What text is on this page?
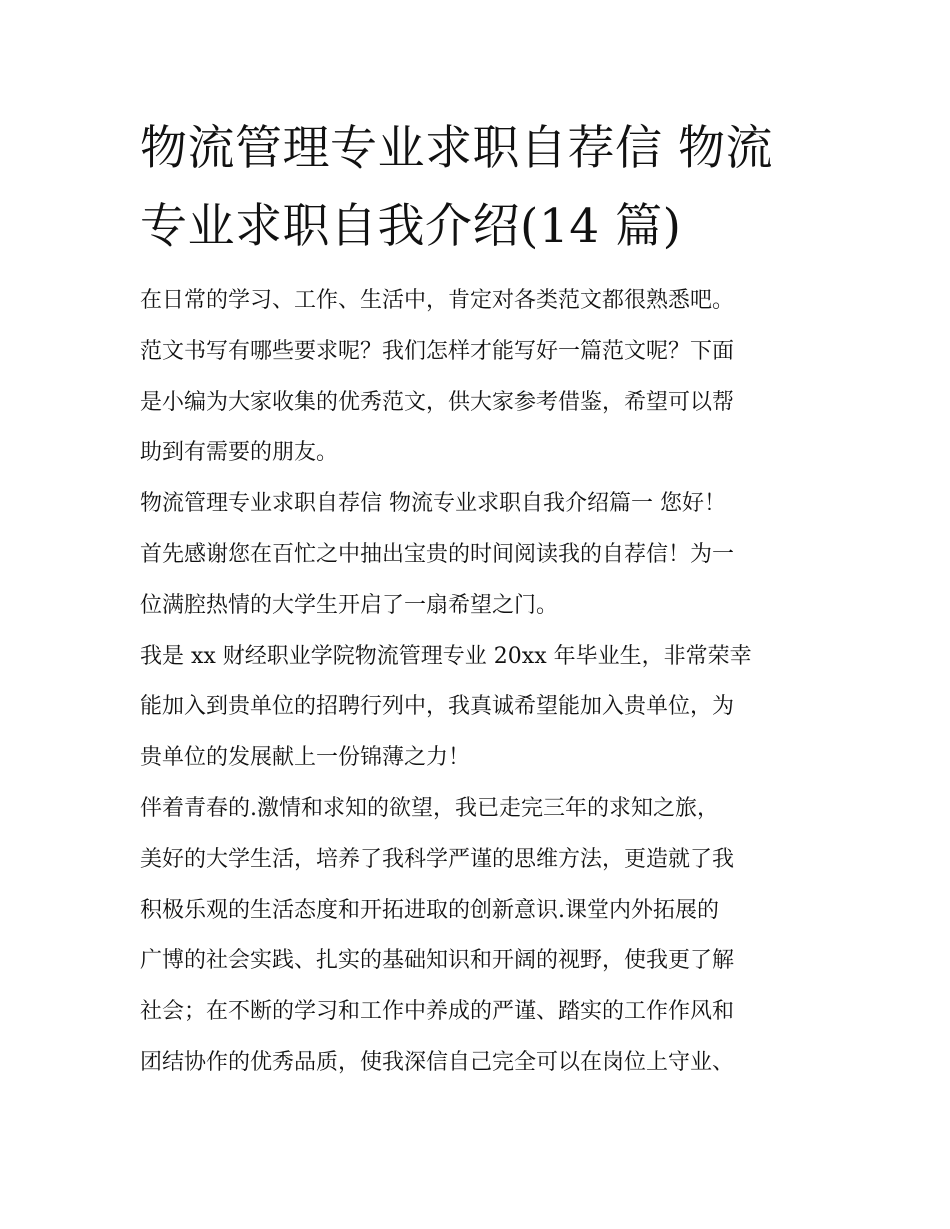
物流管理专业求职自荐信 物流
专业求职自我介绍(14 篇)
在日常的学习、工作、生活中，肯定对各类范文都很熟悉吧。
范文书写有哪些要求呢？我们怎样才能写好一篇范文呢？下面
是小编为大家收集的优秀范文，供大家参考借鉴，希望可以帮
助到有需要的朋友。
物流管理专业求职自荐信 物流专业求职自我介绍篇一 您好！
首先感谢您在百忙之中抽出宝贵的时间阅读我的自荐信！为一
位满腔热情的大学生开启了一扇希望之门。
我是 xx 财经职业学院物流管理专业 20xx 年毕业生，非常荣幸
能加入到贵单位的招聘行列中，我真诚希望能加入贵单位，为
贵单位的发展献上一份锦薄之力！
伴着青春的.激情和求知的欲望，我已走完三年的求知之旅，
美好的大学生活，培养了我科学严谨的思维方法，更造就了我
积极乐观的生活态度和开拓进取的创新意识.课堂内外拓展的
广博的社会实践、扎实的基础知识和开阔的视野，使我更了解
社会；在不断的学习和工作中养成的严谨、踏实的工作作风和
团结协作的优秀品质，使我深信自己完全可以在岗位上守业、
